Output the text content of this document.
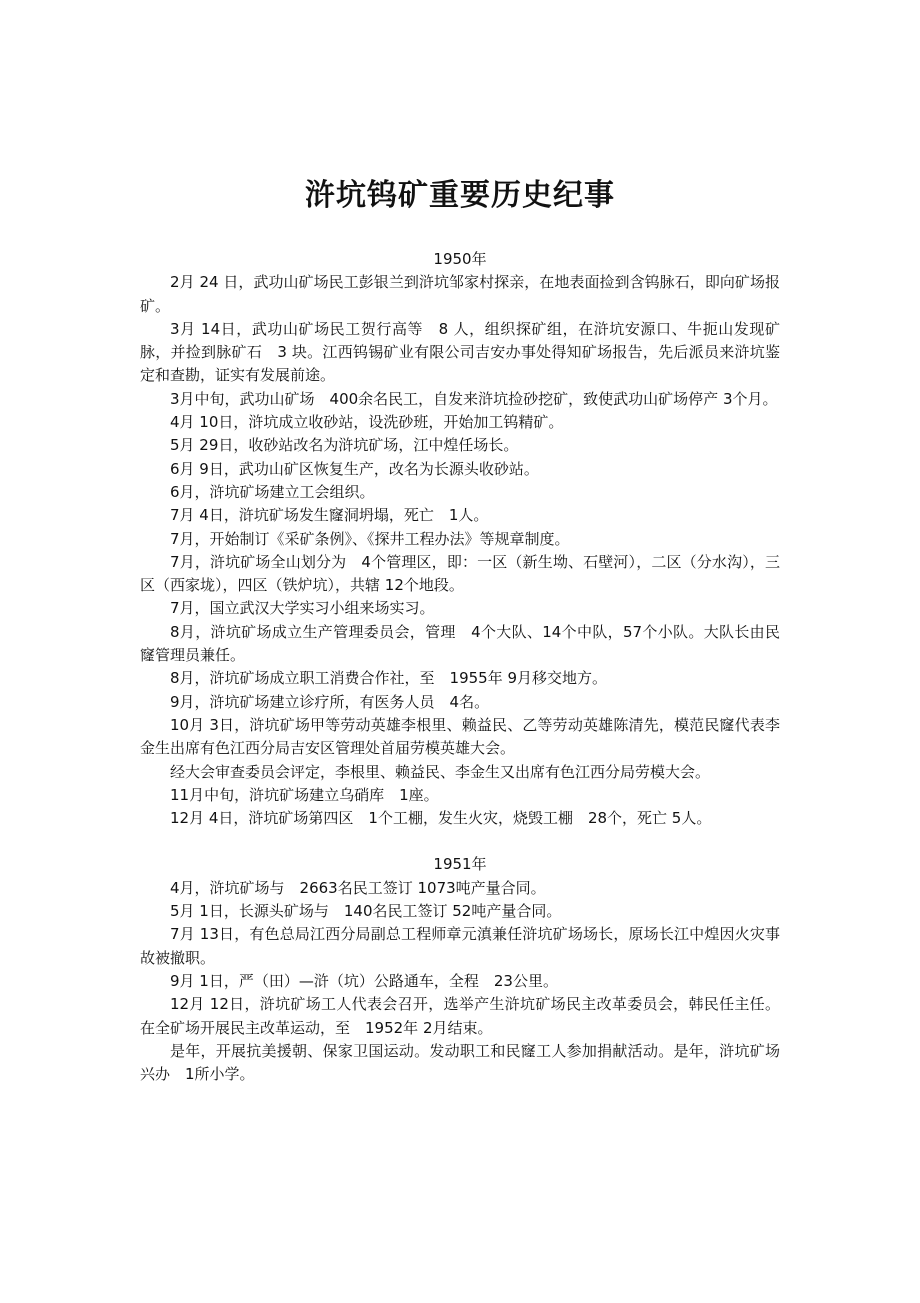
浒坑钨矿重要历史纪事

1950年

2月 24 日，武功山矿场民工彭银兰到浒坑邹家村探亲，在地表面捡到含钨脉石，即向矿场报矿。

3月 14日，武功山矿场民工贺行高等　8 人，组织探矿组，在浒坑安源口、牛扼山发现矿脉，并捡到脉矿石　3 块。江西钨锡矿业有限公司吉安办事处得知矿场报告，先后派员来浒坑鉴定和查勘，证实有发展前途。

3月中旬，武功山矿场　400余名民工，自发来浒坑捡砂挖矿，致使武功山矿场停产 3个月。

4月 10日，浒坑成立收砂站，设洗砂班，开始加工钨精矿。

5月 29日，收砂站改名为浒坑矿场，江中煌任场长。

6月 9日，武功山矿区恢复生产，改名为长源头收砂站。

6月，浒坑矿场建立工会组织。

7月 4日，浒坑矿场发生窿洞坍塌，死亡　1人。

7月，开始制订《采矿条例》、《探井工程办法》等规章制度。

7月，浒坑矿场全山划分为　4个管理区，即：一区（新生坳、石壁河），二区（分水沟），三区（西家垅），四区（铁炉坑），共辖 12个地段。

7月，国立武汉大学实习小组来场实习。

8月，浒坑矿场成立生产管理委员会，管理　4个大队、14个中队，57个小队。大队长由民窿管理员兼任。

8月，浒坑矿场成立职工消费合作社，至　1955年 9月移交地方。

9月，浒坑矿场建立诊疗所，有医务人员　4名。

10月 3日，浒坑矿场甲等劳动英雄李根里、赖益民、乙等劳动英雄陈清先，模范民窿代表李金生出席有色江西分局吉安区管理处首届劳模英雄大会。

经大会审查委员会评定，李根里、赖益民、李金生又出席有色江西分局劳模大会。

11月中旬，浒坑矿场建立乌硝库　1座。

12月 4日，浒坑矿场第四区　1个工棚，发生火灾，烧毁工棚　28个，死亡 5人。

1951年

4月，浒坑矿场与　2663名民工签订 1073吨产量合同。

5月 1日，长源头矿场与　140名民工签订 52吨产量合同。

7月 13日，有色总局江西分局副总工程师章元滇兼任浒坑矿场场长，原场长江中煌因火灾事故被撤职。

9月 1日，严（田）—浒（坑）公路通车，全程　23公里。

12月 12日，浒坑矿场工人代表会召开，选举产生浒坑矿场民主改革委员会，韩民任主任。在全矿场开展民主改革运动，至　1952年 2月结束。

是年，开展抗美援朝、保家卫国运动。发动职工和民窿工人参加捐献活动。是年，浒坑矿场兴办　1所小学。
